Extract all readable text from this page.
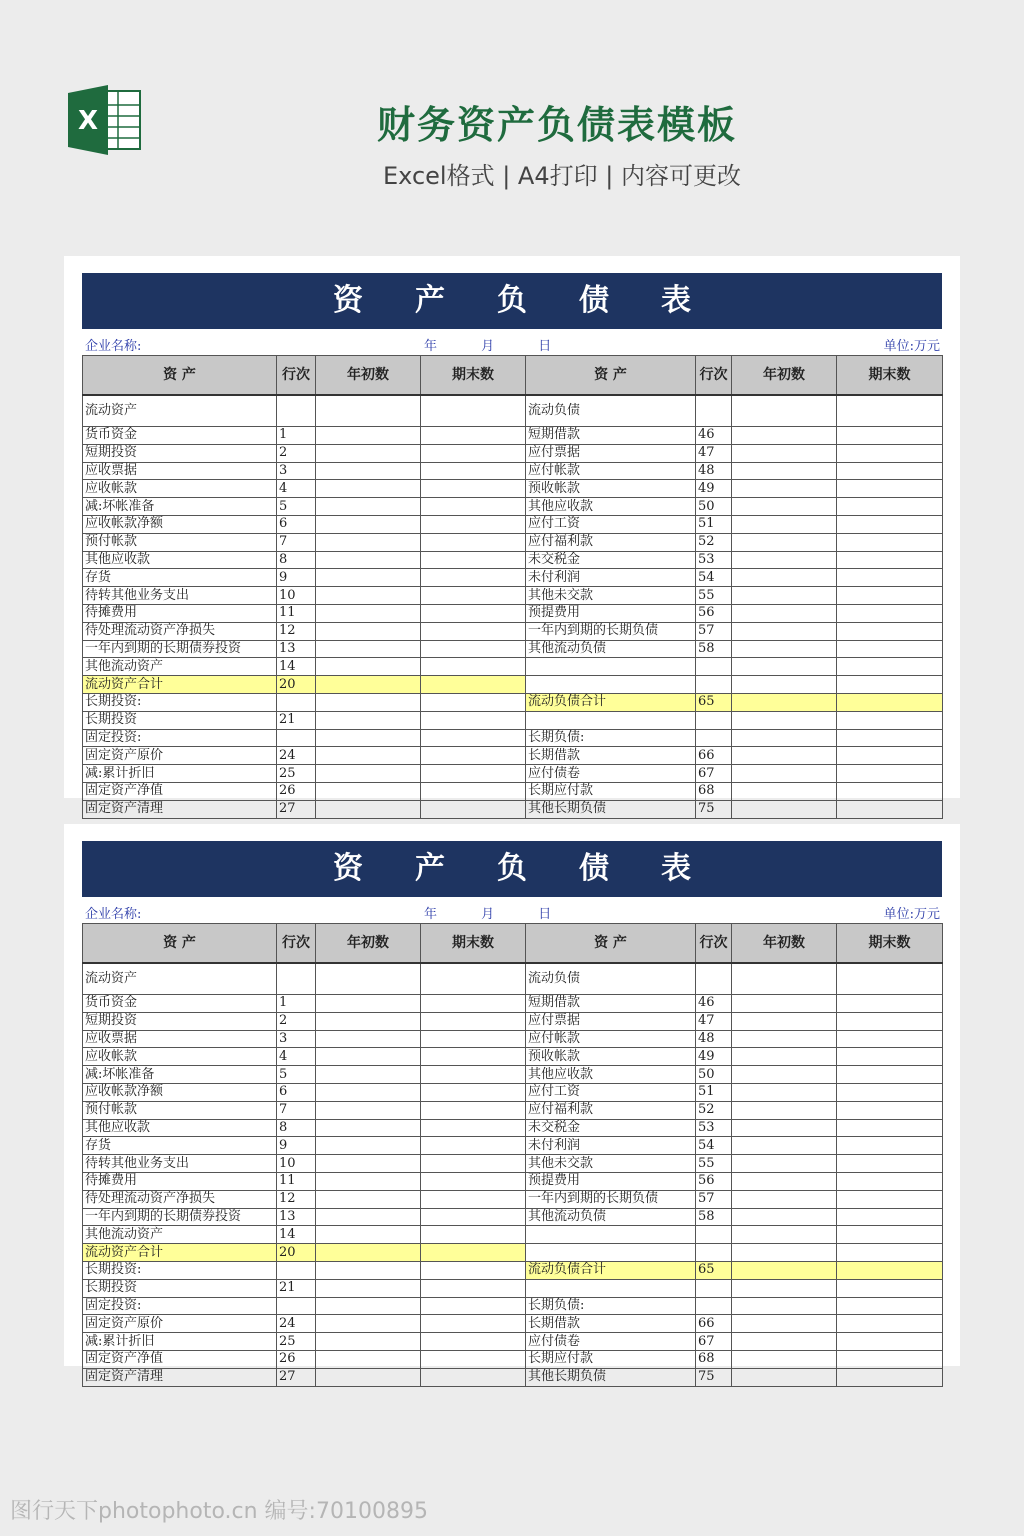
X	财务资产负债表模板
Excel格式 | A4打印 | 内容可更改
资产负债表
企业名称:	年 月 日	单位:万元
资 产	行次	年初数	期末数	资 产	行次	年初数	期末数
流动资产				流动负债			
货币资金	1			短期借款	46		
短期投资	2			应付票据	47		
应收票据	3			应付帐款	48		
应收帐款	4			预收帐款	49		
减:坏帐准备	5			其他应收款	50		
应收帐款净额	6			应付工资	51		
预付帐款	7			应付福利款	52		
其他应收款	8			未交税金	53		
存货	9			未付利润	54		
待转其他业务支出	10			其他未交款	55		
待摊费用	11			预提费用	56		
待处理流动资产净损失	12			一年内到期的长期负债	57		
一年内到期的长期债券投资	13			其他流动负债	58		
其他流动资产	14						
流动资产合计	20						
长期投资:				流动负债合计	65		
长期投资	21						
固定投资:				长期负债:			
固定资产原价	24			长期借款	66		
减:累计折旧	25			应付债卷	67		
固定资产净值	26			长期应付款	68		
固定资产清理	27			其他长期负债	75		
资产负债表
企业名称:	年 月 日	单位:万元
资 产	行次	年初数	期末数	资 产	行次	年初数	期末数
流动资产				流动负债			
货币资金	1			短期借款	46		
短期投资	2			应付票据	47		
应收票据	3			应付帐款	48		
应收帐款	4			预收帐款	49		
减:坏帐准备	5			其他应收款	50		
应收帐款净额	6			应付工资	51		
预付帐款	7			应付福利款	52		
其他应收款	8			未交税金	53		
存货	9			未付利润	54		
待转其他业务支出	10			其他未交款	55		
待摊费用	11			预提费用	56		
待处理流动资产净损失	12			一年内到期的长期负债	57		
一年内到期的长期债券投资	13			其他流动负债	58		
其他流动资产	14						
流动资产合计	20						
长期投资:				流动负债合计	65		
长期投资	21						
固定投资:				长期负债:			
固定资产原价	24			长期借款	66		
减:累计折旧	25			应付债卷	67		
固定资产净值	26			长期应付款	68		
固定资产清理	27			其他长期负债	75		
图行天下photophoto.cn 编号:70100895
